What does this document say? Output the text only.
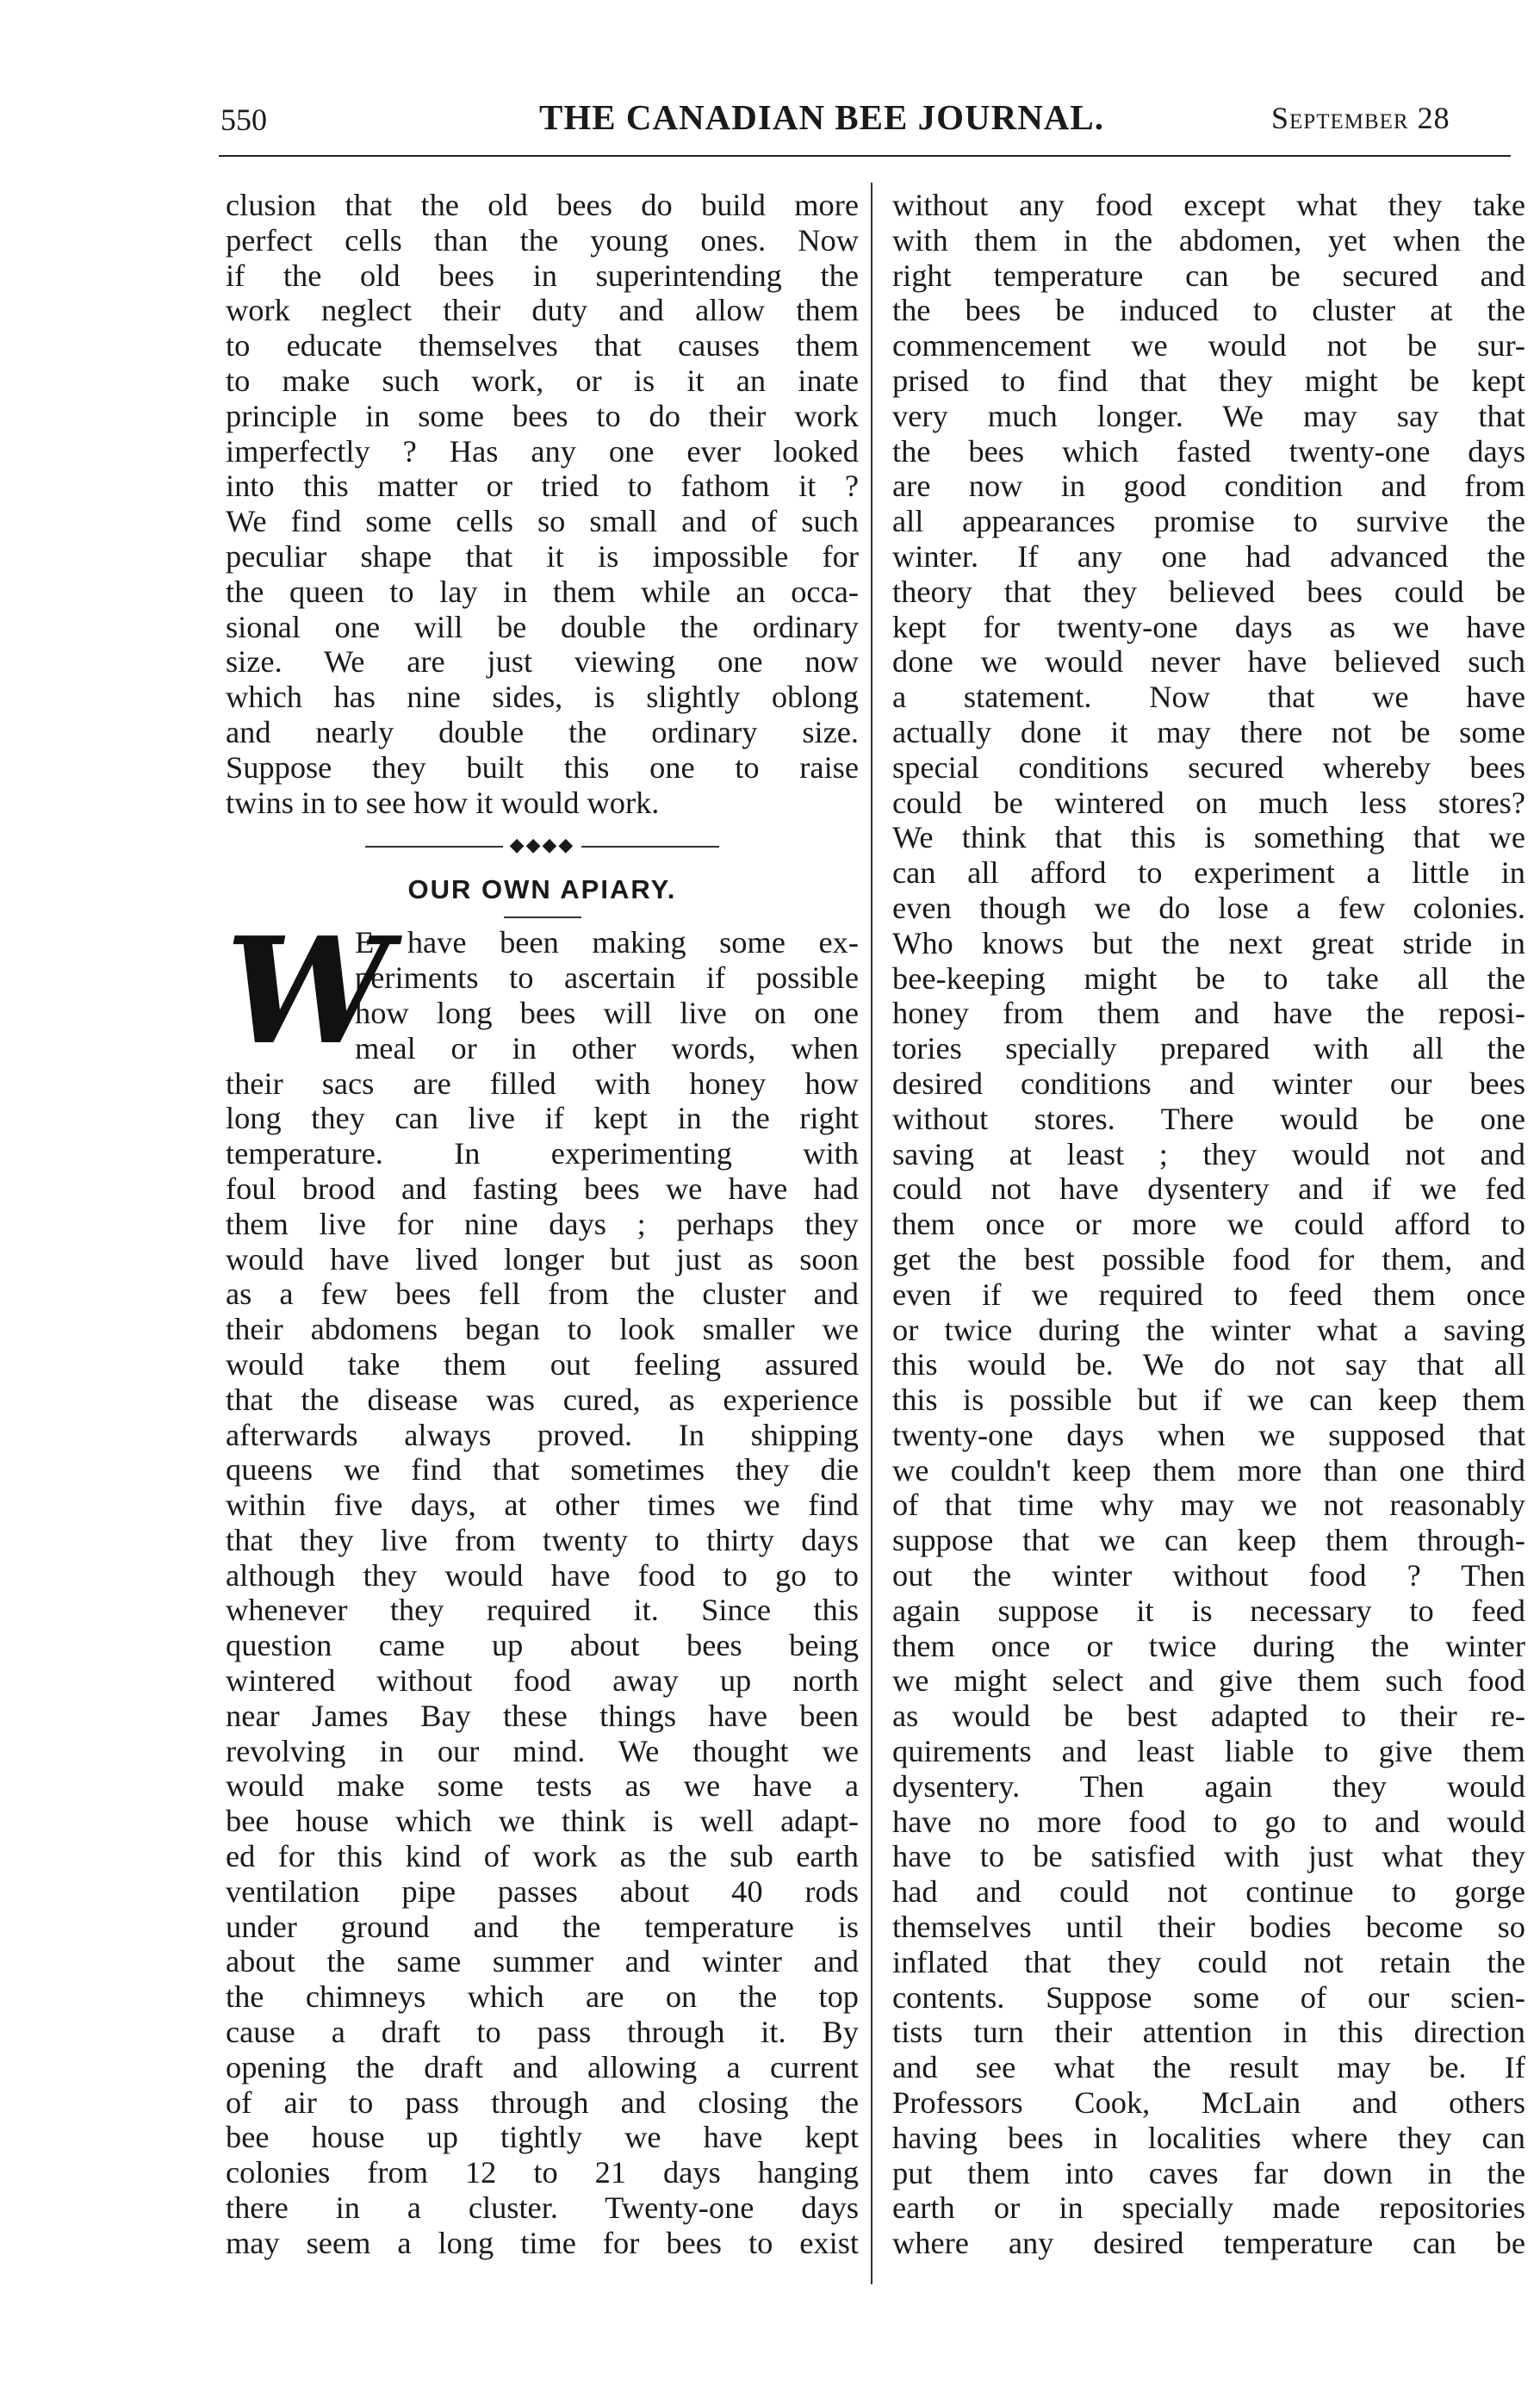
550	THE CANADIAN BEE JOURNAL.	September 28
clusion that the old bees do build more
perfect cells than the young ones. Now
if the old bees in superintending the
work neglect their duty and allow them
to educate themselves that causes them
to make such work, or is it an inate
principle in some bees to do their work
imperfectly ? Has any one ever looked
into this matter or tried to fathom it ?
We find some cells so small and of such
peculiar shape that it is impossible for
the queen to lay in them while an occa-
sional one will be double the ordinary
size. We are just viewing one now
which has nine sides, is slightly oblong
and nearly double the ordinary size.
Suppose they built this one to raise
twins in to see how it would work.
◆◆◆◆
OUR OWN APIARY.
W
E have been making some ex-
periments to ascertain if possible
how long bees will live on one
meal or in other words, when
their sacs are filled with honey how
long they can live if kept in the right
temperature. In experimenting with
foul brood and fasting bees we have had
them live for nine days ; perhaps they
would have lived longer but just as soon
as a few bees fell from the cluster and
their abdomens began to look smaller we
would take them out feeling assured
that the disease was cured, as experience
afterwards always proved. In shipping
queens we find that sometimes they die
within five days, at other times we find
that they live from twenty to thirty days
although they would have food to go to
whenever they required it. Since this
question came up about bees being
wintered without food away up north
near James Bay these things have been
revolving in our mind. We thought we
would make some tests as we have a
bee house which we think is well adapt-
ed for this kind of work as the sub earth
ventilation pipe passes about 40 rods
under ground and the temperature is
about the same summer and winter and
the chimneys which are on the top
cause a draft to pass through it. By
opening the draft and allowing a current
of air to pass through and closing the
bee house up tightly we have kept
colonies from 12 to 21 days hanging
there in a cluster. Twenty-one days
may seem a long time for bees to exist
without any food except what they take
with them in the abdomen, yet when the
right temperature can be secured and
the bees be induced to cluster at the
commencement we would not be sur-
prised to find that they might be kept
very much longer. We may say that
the bees which fasted twenty-one days
are now in good condition and from
all appearances promise to survive the
winter. If any one had advanced the
theory that they believed bees could be
kept for twenty-one days as we have
done we would never have believed such
a statement. Now that we have
actually done it may there not be some
special conditions secured whereby bees
could be wintered on much less stores?
We think that this is something that we
can all afford to experiment a little in
even though we do lose a few colonies.
Who knows but the next great stride in
bee-keeping might be to take all the
honey from them and have the reposi-
tories specially prepared with all the
desired conditions and winter our bees
without stores. There would be one
saving at least ; they would not and
could not have dysentery and if we fed
them once or more we could afford to
get the best possible food for them, and
even if we required to feed them once
or twice during the winter what a saving
this would be. We do not say that all
this is possible but if we can keep them
twenty-one days when we supposed that
we couldn't keep them more than one third
of that time why may we not reasonably
suppose that we can keep them through-
out the winter without food ? Then
again suppose it is necessary to feed
them once or twice during the winter
we might select and give them such food
as would be best adapted to their re-
quirements and least liable to give them
dysentery. Then again they would
have no more food to go to and would
have to be satisfied with just what they
had and could not continue to gorge
themselves until their bodies become so
inflated that they could not retain the
contents. Suppose some of our scien-
tists turn their attention in this direction
and see what the result may be. If
Professors Cook, McLain and others
having bees in localities where they can
put them into caves far down in the
earth or in specially made repositories
where any desired temperature can be
